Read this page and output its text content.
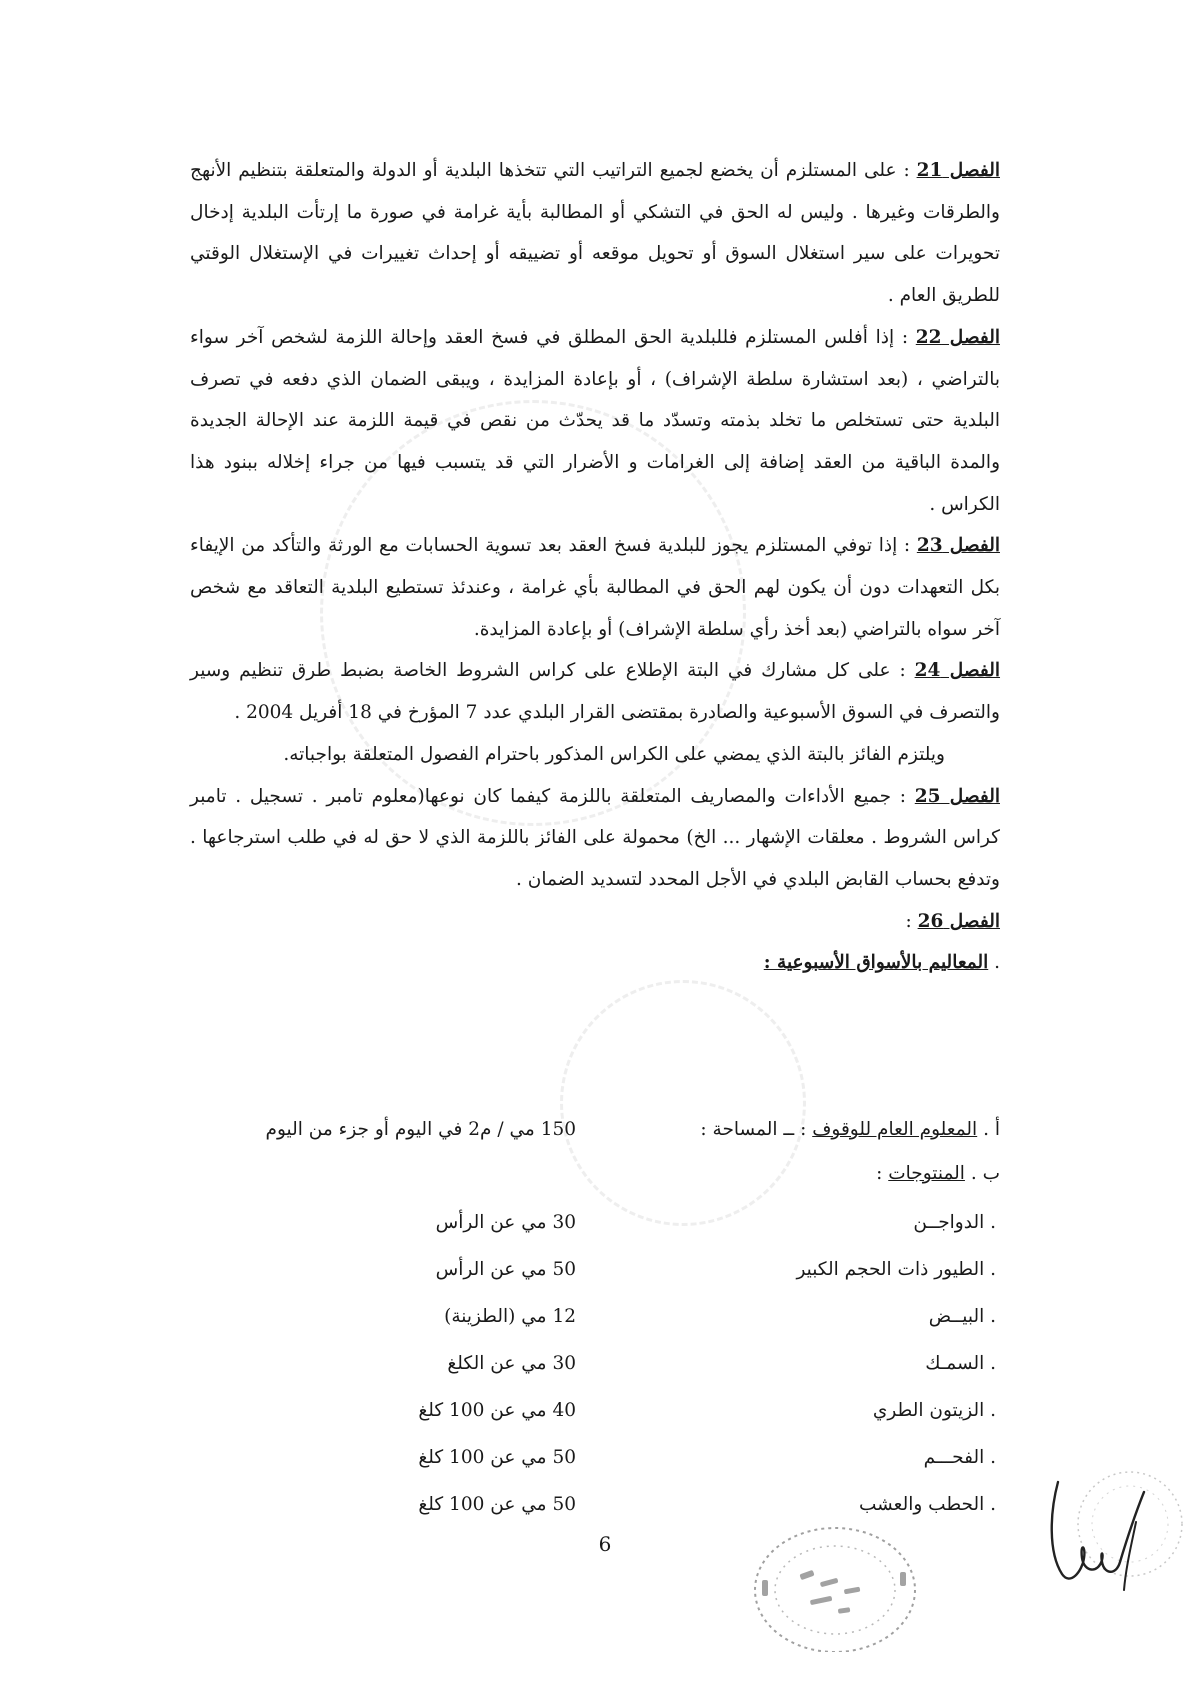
الفصل 21 : على المستلزم أن يخضع لجميع التراتيب التي تتخذها البلدية أو الدولة والمتعلقة بتنظيم الأنهج والطرقات وغيرها . وليس له الحق في التشكي أو المطالبة بأية غرامة في صورة ما إرتأت البلدية إدخال تحويرات على سير استغلال السوق أو تحويل موقعه أو تضييقه أو إحداث تغييرات في الإستغلال الوقتي للطريق العام .

الفصل 22 : إذا أفلس المستلزم فللبلدية الحق المطلق في فسخ العقد وإحالة اللزمة لشخص آخر سواء بالتراضي ، (بعد استشارة سلطة الإشراف) ، أو بإعادة المزايدة ، ويبقى الضمان الذي دفعه في تصرف البلدية حتى تستخلص ما تخلد بذمته وتسدّد ما قد يحدّث من نقص في قيمة اللزمة عند الإحالة الجديدة والمدة الباقية من العقد إضافة إلى الغرامات و الأضرار التي قد يتسبب فيها من جراء إخلاله ببنود هذا الكراس .

الفصل 23 : إذا توفي المستلزم يجوز للبلدية فسخ العقد بعد تسوية الحسابات مع الورثة والتأكد من الإيفاء بكل التعهدات دون أن يكون لهم الحق في المطالبة بأي غرامة ، وعندئذ تستطيع البلدية التعاقد مع شخص آخر سواه بالتراضي (بعد أخذ رأي سلطة الإشراف) أو بإعادة المزايدة.

الفصل 24 : على كل مشارك في البتة الإطلاع على كراس الشروط الخاصة بضبط طرق تنظيم وسير والتصرف في السوق الأسبوعية والصادرة بمقتضى القرار البلدي عدد 7 المؤرخ في 18 أفريل 2004 .

ويلتزم الفائز بالبتة الذي يمضي على الكراس المذكور باحترام الفصول المتعلقة بواجباته.

الفصل 25 : جميع الأداءات والمصاريف المتعلقة باللزمة كيفما كان نوعها(معلوم تامبر . تسجيل . تامبر كراس الشروط . معلقات الإشهار ... الخ) محمولة على الفائز باللزمة الذي لا حق له في طلب استرجاعها . وتدفع بحساب القابض البلدي في الأجل المحدد لتسديد الضمان .

الفصل 26 :

. المعاليم بالأسواق الأسبوعية :

أ . المعلوم العام للوقوف : ــ المساحة :
150 مي / م2 في اليوم أو جزء من اليوم
ب . المنتوجات :
. الدواجــن
30 مي عن الرأس
. الطيور ذات الحجم الكبير
50 مي عن الرأس
. البيــض
12 مي (الطزينة)
. السمـك
30 مي عن الكلغ
. الزيتون الطري
40 مي عن 100 كلغ
. الفحـــم
50 مي عن 100 كلغ
. الحطب والعشب
50 مي عن 100 كلغ
6
